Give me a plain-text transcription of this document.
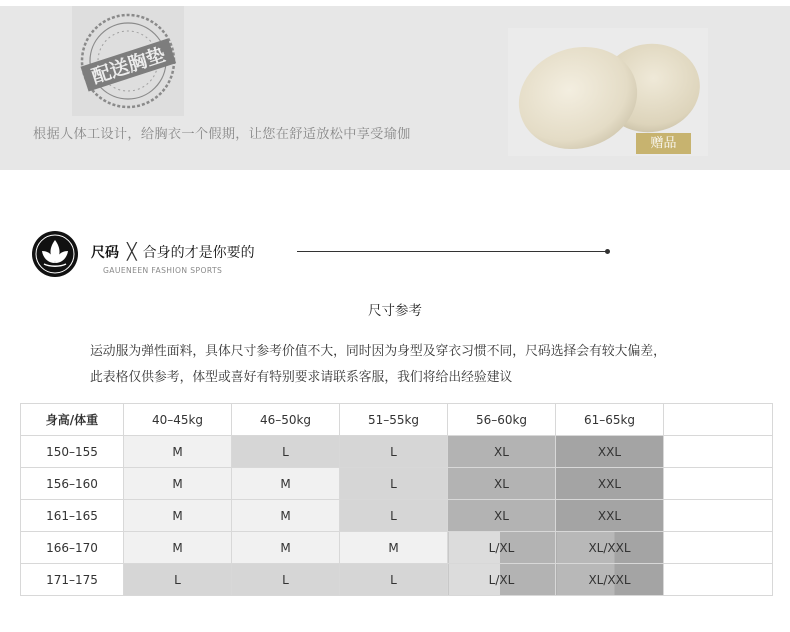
配送胸垫
根据人体工设计，给胸衣一个假期，让您在舒适放松中享受瑜伽
赠品
尺码 ╳ 合身的才是你要的
GAUENEEN FASHION SPORTS
尺寸参考
运动服为弹性面料，具体尺寸参考价值不大，同时因为身型及穿衣习惯不同，尺码选择会有较大偏差，
此表格仅供参考，体型或喜好有特别要求请联系客服，我们将给出经验建议
身高/体重	40–45kg	46–50kg	51–55kg	56–60kg	61–65kg	
150–155	M	L	L	XL	XXL	
156–160	M	M	L	XL	XXL	
161–165	M	M	L	XL	XXL	
166–170	M	M	M	L/XL	XL/XXL	
171–175	L	L	L	L/XL	XL/XXL	
